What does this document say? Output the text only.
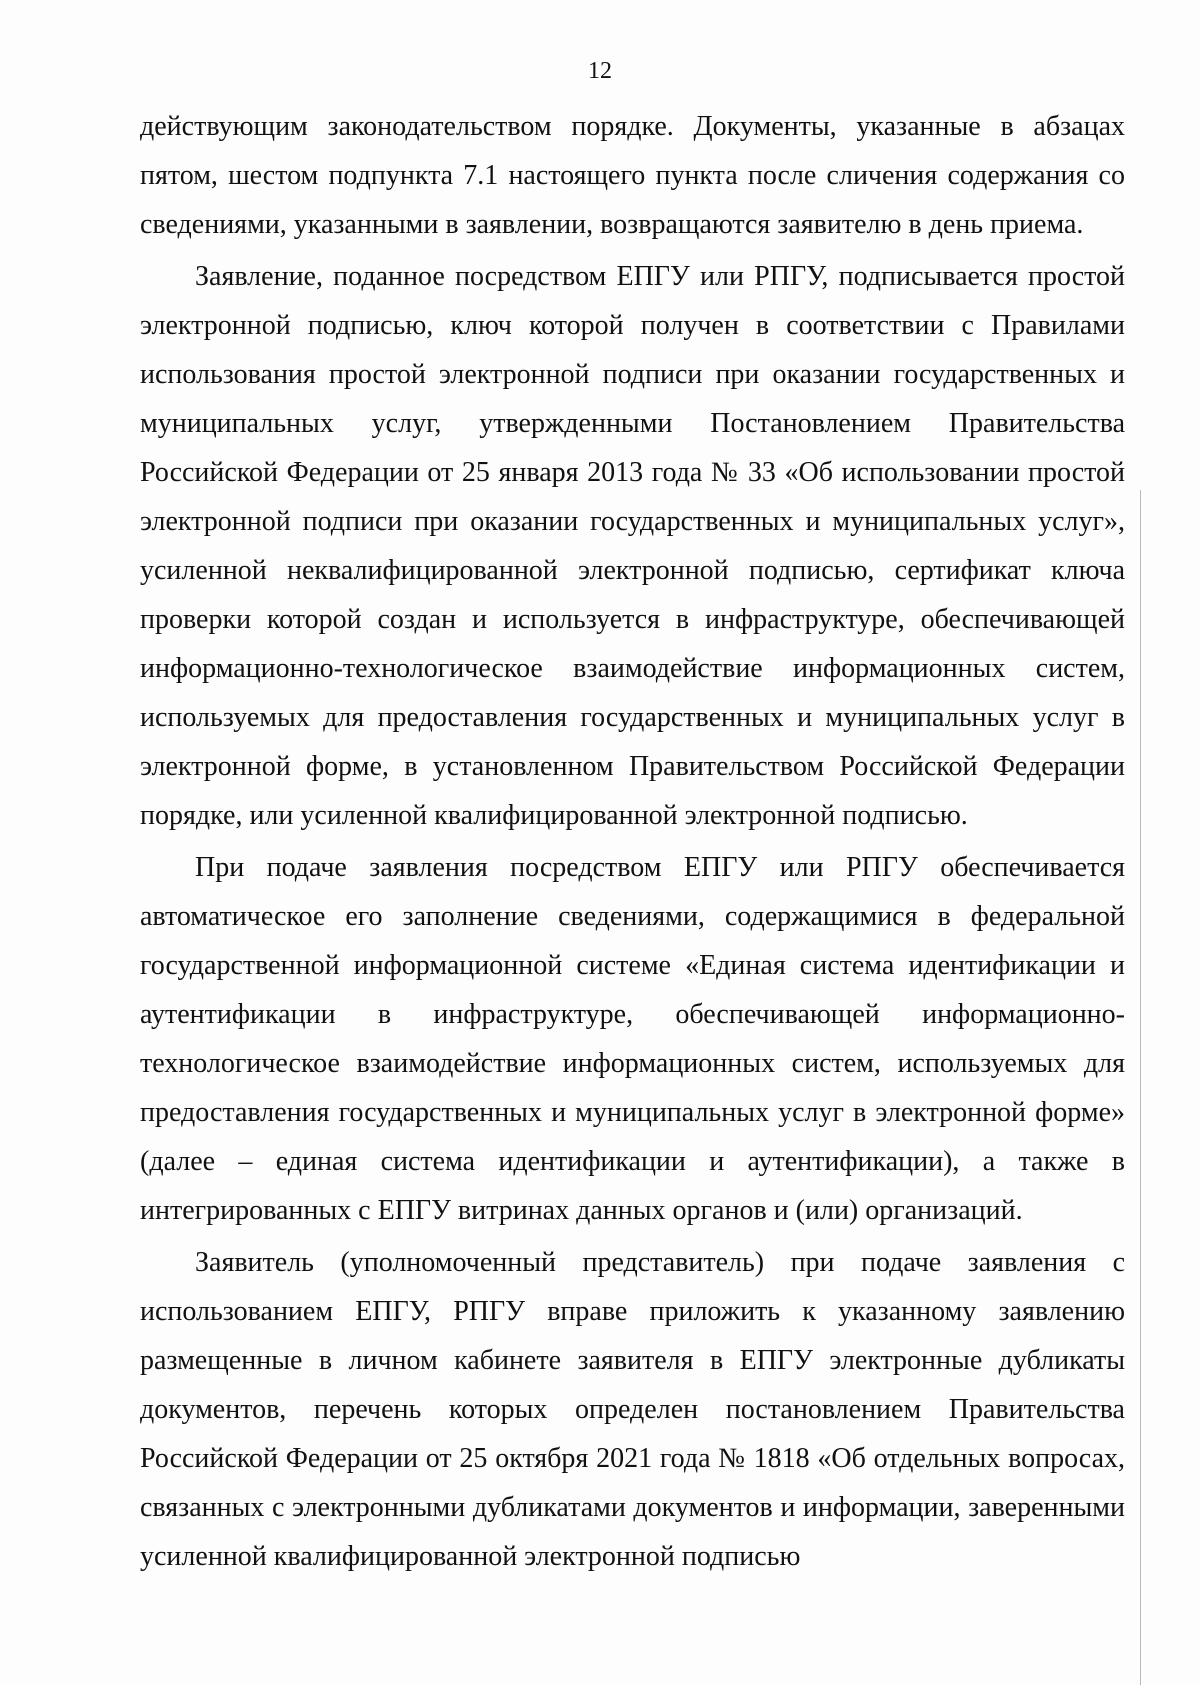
12

действующим законодательством порядке. Документы, указанные в абзацах пятом, шестом подпункта 7.1 настоящего пункта после сличения содержания со сведениями, указанными в заявлении, возвращаются заявителю в день приема.

Заявление, поданное посредством ЕПГУ или РПГУ, подписывается простой электронной подписью, ключ которой получен в соответствии с Правилами использования простой электронной подписи при оказании государственных и муниципальных услуг, утвержденными Постановлением Правительства Российской Федерации от 25 января 2013 года № 33 «Об использовании простой электронной подписи при оказании государственных и муниципальных услуг», усиленной неквалифицированной электронной подписью, сертификат ключа проверки которой создан и используется в инфраструктуре, обеспечивающей информационно-технологическое взаимодействие информационных систем, используемых для предоставления государственных и муниципальных услуг в электронной форме, в установленном Правительством Российской Федерации порядке, или усиленной квалифицированной электронной подписью.

При подаче заявления посредством ЕПГУ или РПГУ обеспечивается автоматическое его заполнение сведениями, содержащимися в федеральной государственной информационной системе «Единая система идентификации и аутентификации в инфраструктуре, обеспечивающей информационно-технологическое взаимодействие информационных систем, используемых для предоставления государственных и муниципальных услуг в электронной форме» (далее – единая система идентификации и аутентификации), а также в интегрированных с ЕПГУ витринах данных органов и (или) организаций.

Заявитель (уполномоченный представитель) при подаче заявления с использованием ЕПГУ, РПГУ вправе приложить к указанному заявлению размещенные в личном кабинете заявителя в ЕПГУ электронные дубликаты документов, перечень которых определен постановлением Правительства Российской Федерации от 25 октября 2021 года № 1818 «Об отдельных вопросах, связанных с электронными дубликатами документов и информации, заверенными усиленной квалифицированной электронной подписью
